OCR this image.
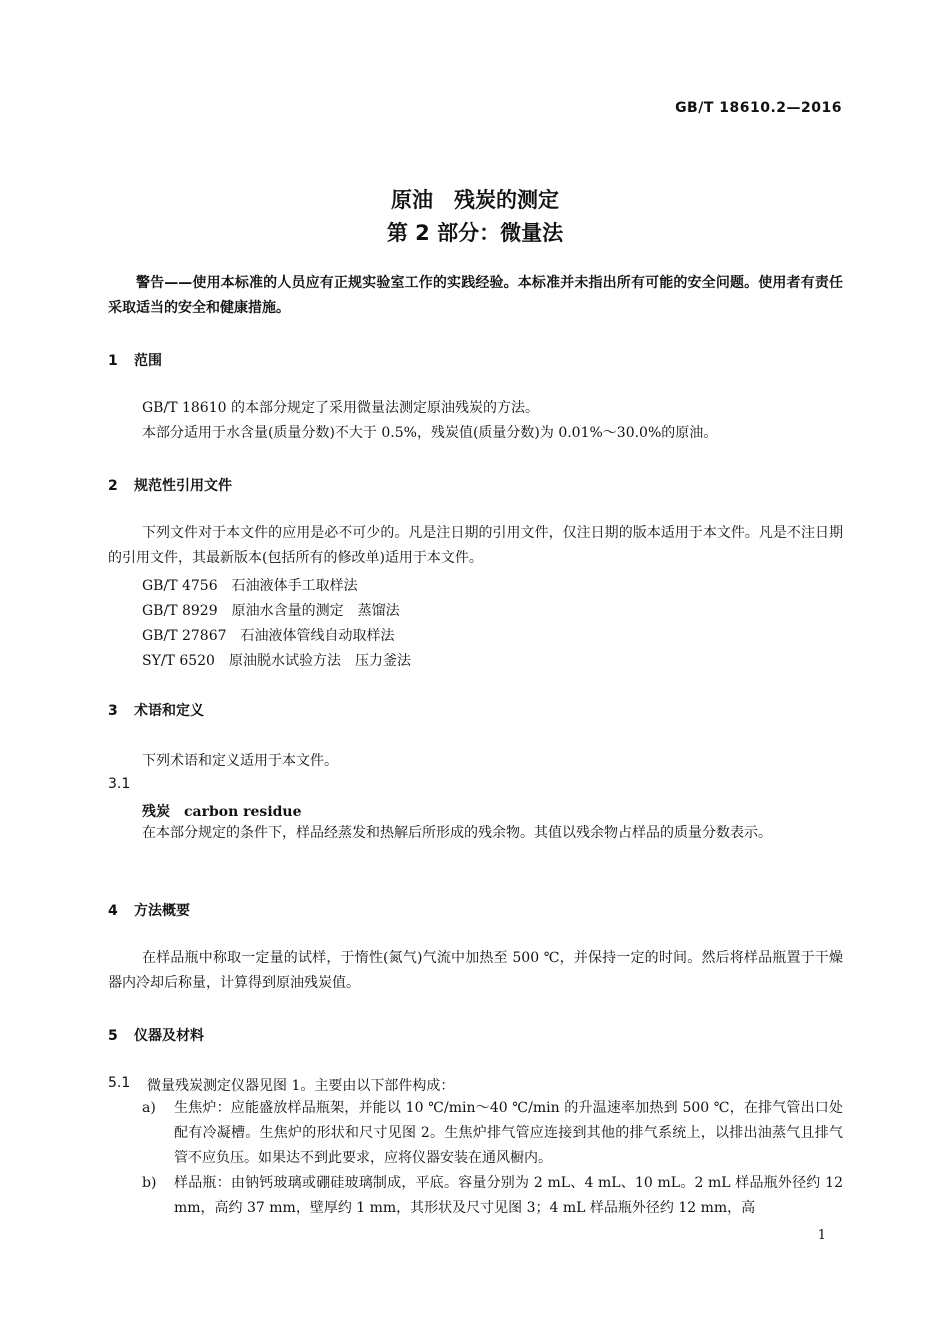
GB/T 18610.2—2016
原油　残炭的测定
第 2 部分：微量法
警告——使用本标准的人员应有正规实验室工作的实践经验。本标准并未指出所有可能的安全问题。使用者有责任采取适当的安全和健康措施。
1 范围
GB/T 18610 的本部分规定了采用微量法测定原油残炭的方法。
本部分适用于水含量(质量分数)不大于 0.5%，残炭值(质量分数)为 0.01%～30.0%的原油。
2 规范性引用文件
下列文件对于本文件的应用是必不可少的。凡是注日期的引用文件，仅注日期的版本适用于本文件。凡是不注日期的引用文件，其最新版本(包括所有的修改单)适用于本文件。
GB/T 4756　石油液体手工取样法
GB/T 8929　原油水含量的测定　蒸馏法
GB/T 27867　石油液体管线自动取样法
SY/T 6520　原油脱水试验方法　压力釜法
3 术语和定义
下列术语和定义适用于本文件。
3.1
残炭　carbon residue
在本部分规定的条件下，样品经蒸发和热解后所形成的残余物。其值以残余物占样品的质量分数表示。
4 方法概要
在样品瓶中称取一定量的试样，于惰性(氮气)气流中加热至 500 ℃，并保持一定的时间。然后将样品瓶置于干燥器内冷却后称量，计算得到原油残炭值。
5 仪器及材料
5.1 微量残炭测定仪器见图 1。主要由以下部件构成：
a) 生焦炉：应能盛放样品瓶架，并能以 10 ℃/min～40 ℃/min 的升温速率加热到 500 ℃，在排气管出口处配有冷凝槽。生焦炉的形状和尺寸见图 2。生焦炉排气管应连接到其他的排气系统上，以排出油蒸气且排气管不应负压。如果达不到此要求，应将仪器安装在通风橱内。
b) 样品瓶：由钠钙玻璃或硼硅玻璃制成，平底。容量分别为 2 mL、4 mL、10 mL。2 mL 样品瓶外径约 12 mm，高约 37 mm，壁厚约 1 mm，其形状及尺寸见图 3；4 mL 样品瓶外径约 12 mm，高
1
